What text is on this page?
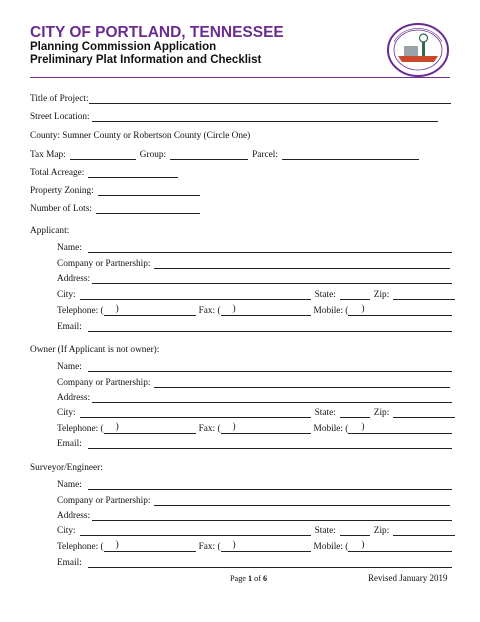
CITY OF PORTLAND, TENNESSEE
Planning Commission Application
Preliminary Plat Information and Checklist
Title of Project:
Street Location:
County: Sumner County or Robertson County (Circle One)
Tax Map:	Group:	Parcel:
Total Acreage:
Property Zoning:
Number of Lots:
Applicant:
Name:
Company or Partnership:
Address:
City:	State:	Zip:
Telephone: (	)	Fax: (	)	Mobile: (	)
Email:
Owner (If Applicant is not owner):
Name:
Company or Partnership:
Address:
City:	State:	Zip:
Telephone: (	)	Fax: (	)	Mobile: (	)
Email:
Surveyor/Engineer:
Name:
Company or Partnership:
Address:
City:	State:	Zip:
Telephone: (	)	Fax: (	)	Mobile: (	)
Email:
Page 1 of 6	Revised January 2019
